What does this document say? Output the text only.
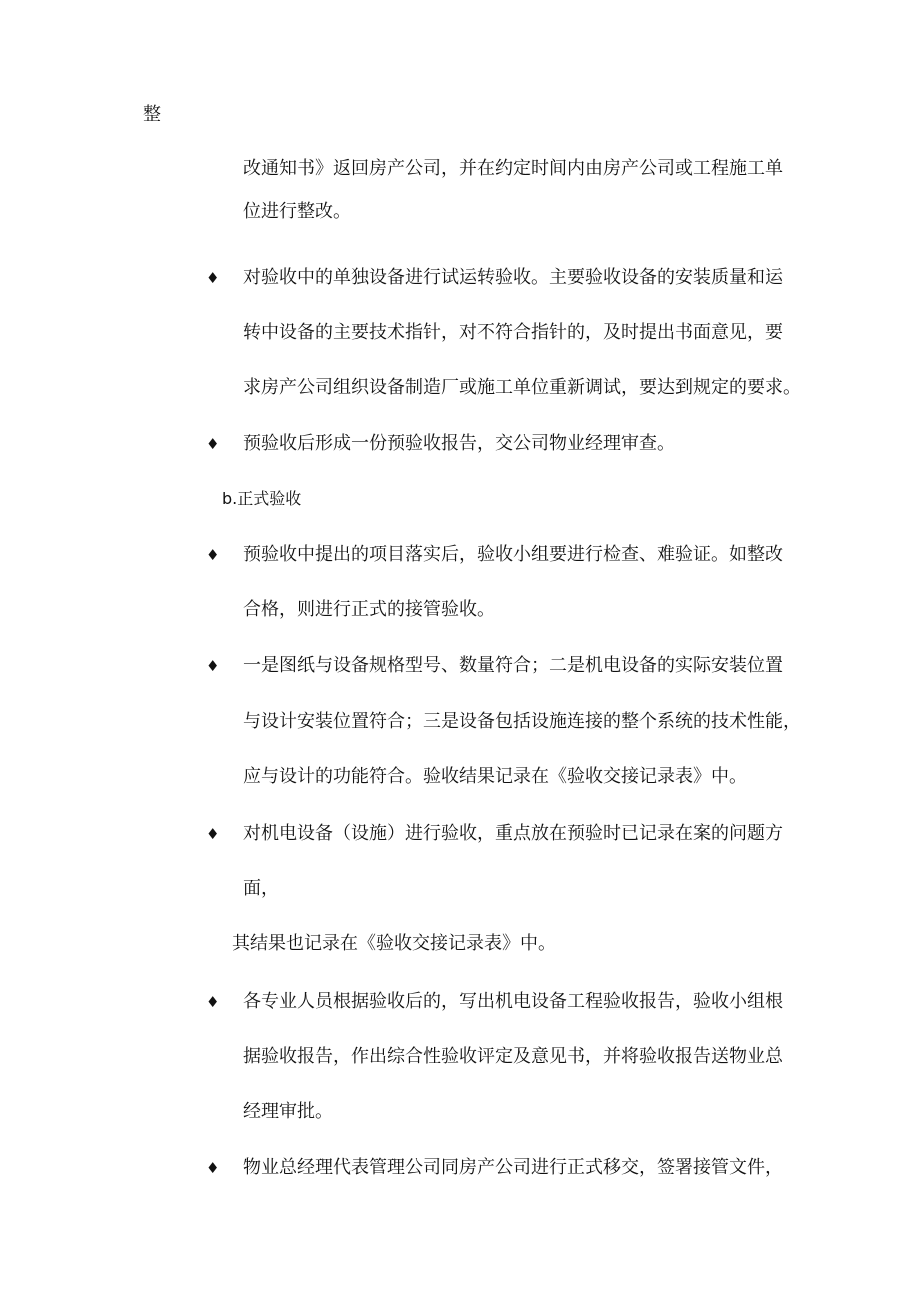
整
改通知书》返回房产公司，并在约定时间内由房产公司或工程施工单
位进行整改。
♦ 对验收中的单独设备进行试运转验收。主要验收设备的安装质量和运
转中设备的主要技术指针，对不符合指针的，及时提出书面意见，要
求房产公司组织设备制造厂或施工单位重新调试，要达到规定的要求。
♦ 预验收后形成一份预验收报告，交公司物业经理审查。
b.正式验收
♦ 预验收中提出的项目落实后，验收小组要进行检查、难验证。如整改
合格，则进行正式的接管验收。
♦ 一是图纸与设备规格型号、数量符合；二是机电设备的实际安装位置
与设计安装位置符合；三是设备包括设施连接的整个系统的技术性能，
应与设计的功能符合。验收结果记录在《验收交接记录表》中。
♦ 对机电设备（设施）进行验收，重点放在预验时已记录在案的问题方
面，
其结果也记录在《验收交接记录表》中。
♦ 各专业人员根据验收后的，写出机电设备工程验收报告，验收小组根
据验收报告，作出综合性验收评定及意见书，并将验收报告送物业总
经理审批。
♦ 物业总经理代表管理公司同房产公司进行正式移交，签署接管文件，
